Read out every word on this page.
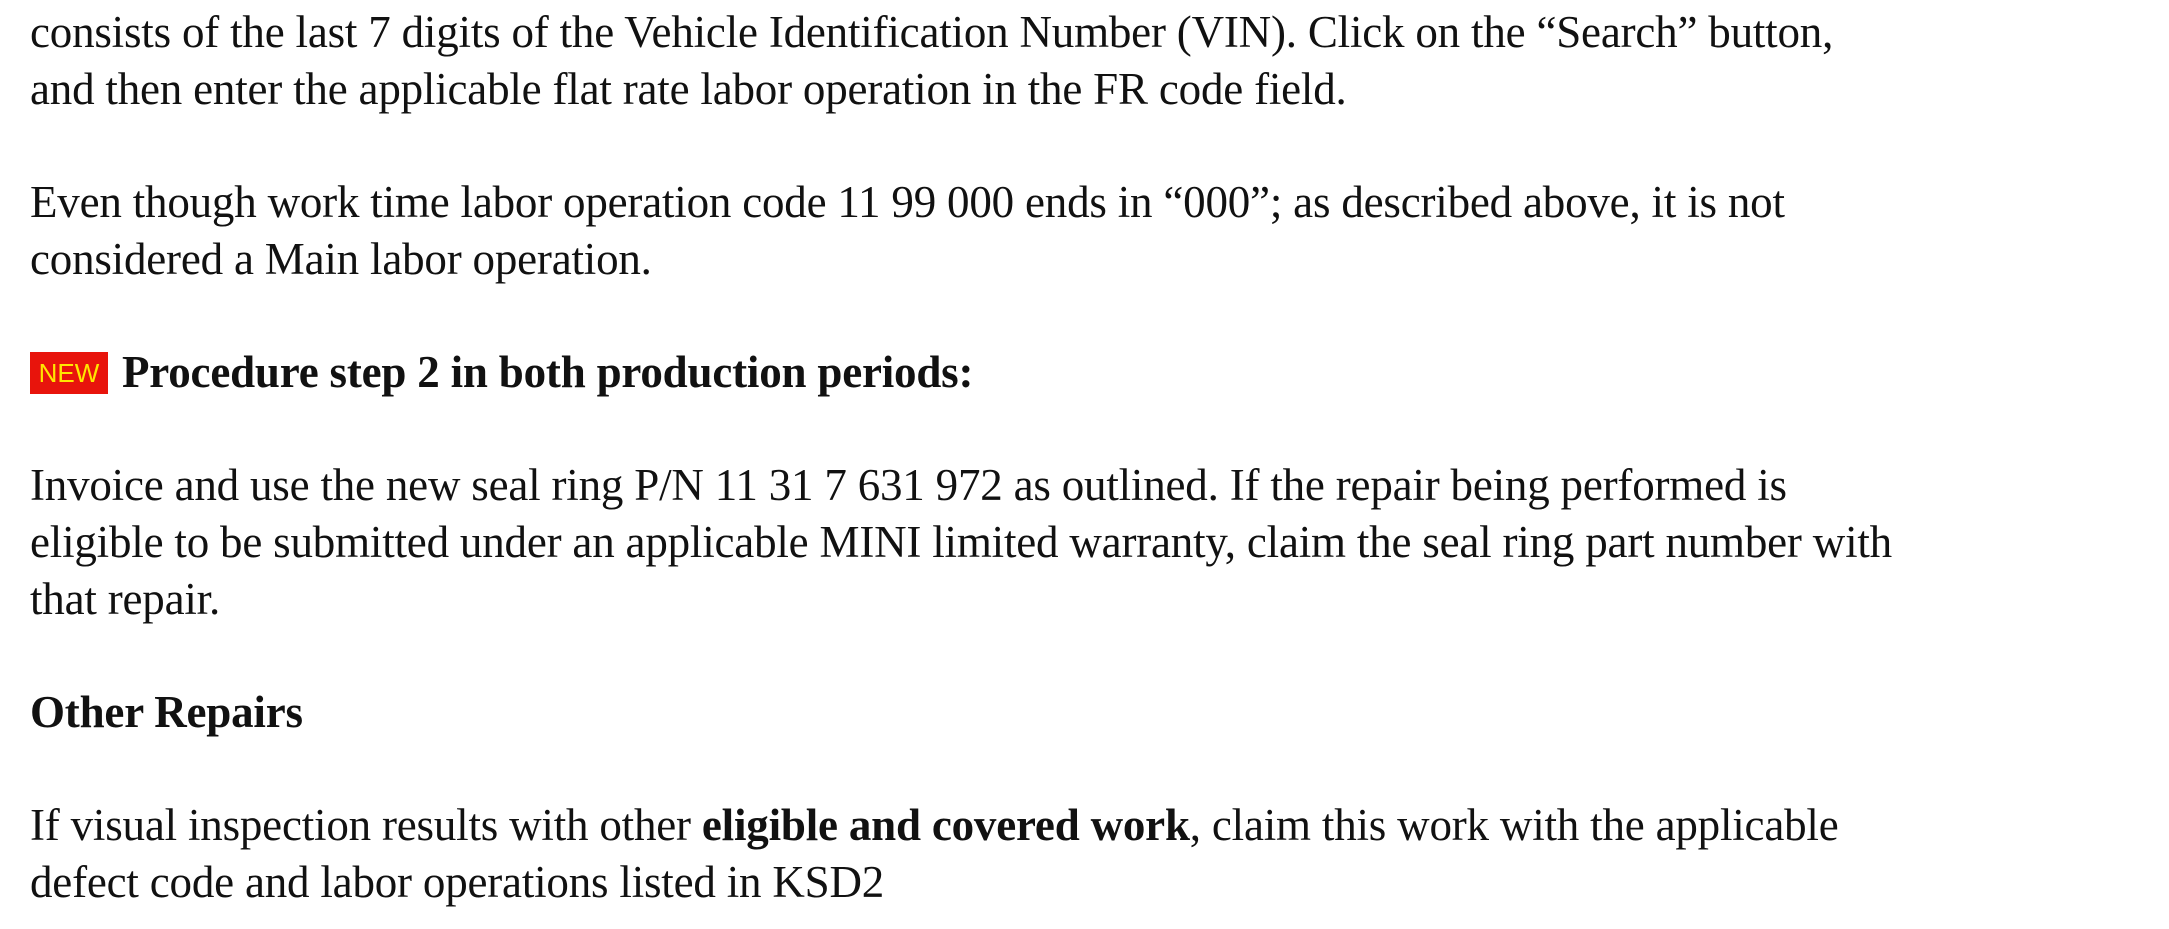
consists of the last 7 digits of the Vehicle Identification Number (VIN). Click on the “Search” button,
and then enter the applicable flat rate labor operation in the FR code field.

Even though work time labor operation code 11 99 000 ends in “000”; as described above, it is not
considered a Main labor operation.

NEW Procedure step 2 in both production periods:

Invoice and use the new seal ring P/N 11 31 7 631 972 as outlined. If the repair being performed is
eligible to be submitted under an applicable MINI limited warranty, claim the seal ring part number with
that repair.

Other Repairs

If visual inspection results with other eligible and covered work, claim this work with the applicable
defect code and labor operations listed in KSD2
